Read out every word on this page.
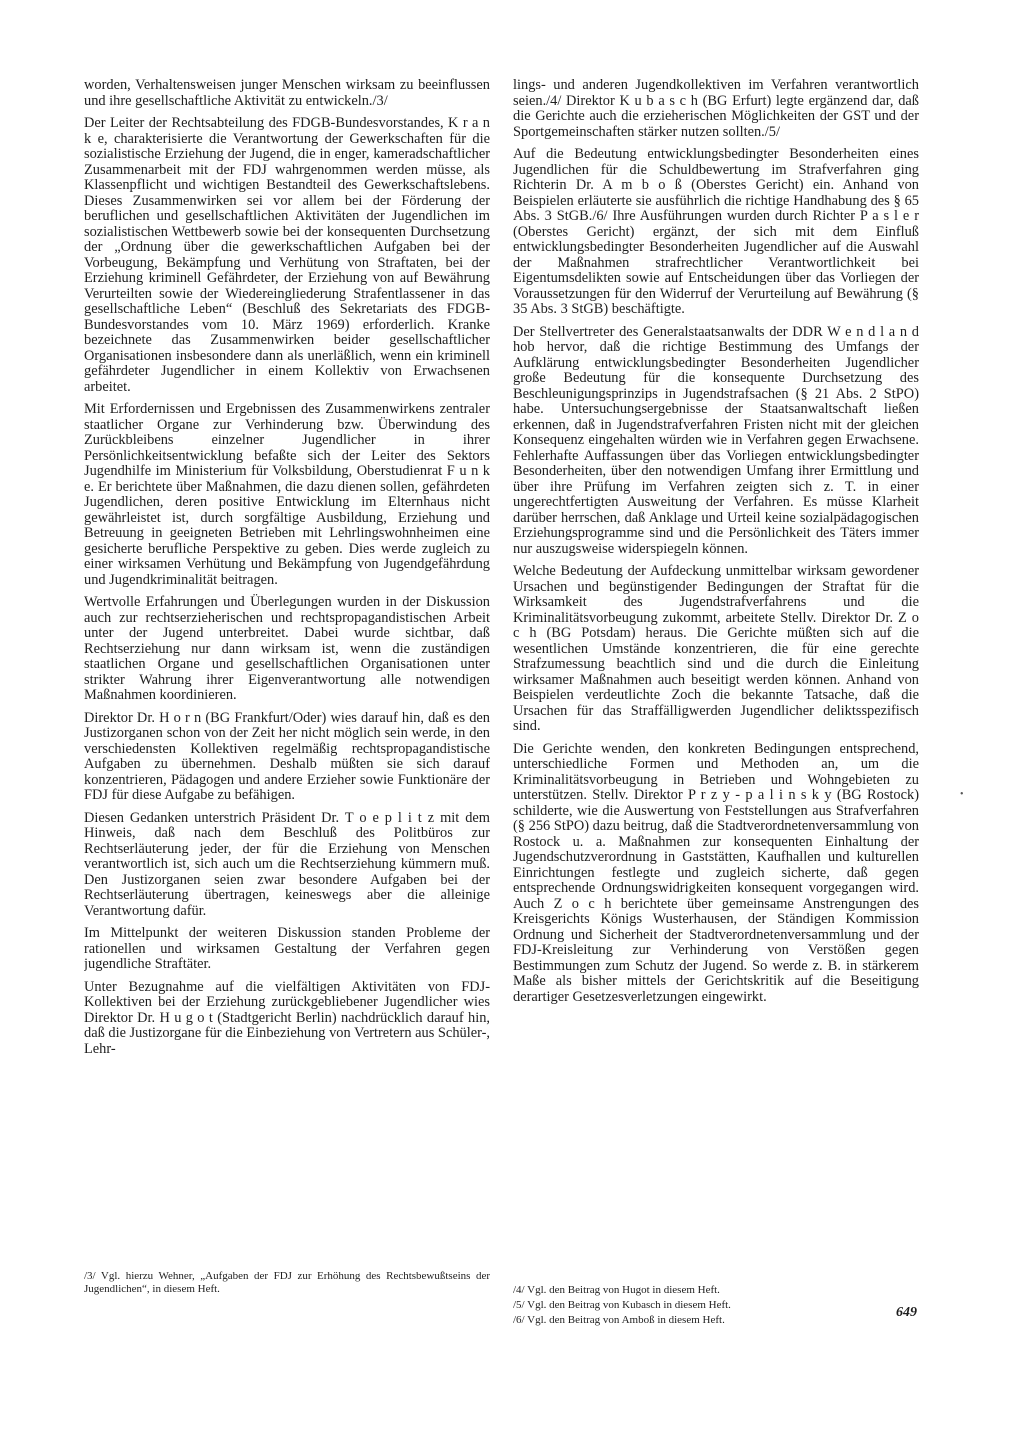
worden, Verhaltensweisen junger Menschen wirksam zu beeinflussen und ihre gesellschaftliche Aktivität zu entwickeln./3/

Der Leiter der Rechtsabteilung des FDGB-Bundesvorstandes, K r a n k e, charakterisierte die Verantwortung der Gewerkschaften für die sozialistische Erziehung der Jugend, die in enger, kameradschaftlicher Zusammenarbeit mit der FDJ wahrgenommen werden müsse, als Klassenpflicht und wichtigen Bestandteil des Gewerkschaftslebens. Dieses Zusammenwirken sei vor allem bei der Förderung der beruflichen und gesellschaftlichen Aktivitäten der Jugendlichen im sozialistischen Wettbewerb sowie bei der konsequenten Durchsetzung der „Ordnung über die gewerkschaftlichen Aufgaben bei der Vorbeugung, Bekämpfung und Verhütung von Straftaten, bei der Erziehung kriminell Gefährdeter, der Erziehung von auf Bewährung Verurteilten sowie der Wiedereingliederung Strafentlassener in das gesellschaftliche Leben“ (Beschluß des Sekretariats des FDGB-Bundesvorstandes vom 10. März 1969) erforderlich. Kranke bezeichnete das Zusammenwirken beider gesellschaftlicher Organisationen insbesondere dann als unerläßlich, wenn ein kriminell gefährdeter Jugendlicher in einem Kollektiv von Erwachsenen arbeitet.

Mit Erfordernissen und Ergebnissen des Zusammenwirkens zentraler staatlicher Organe zur Verhinderung bzw. Überwindung des Zurückbleibens einzelner Jugendlicher in ihrer Persönlichkeitsentwicklung befaßte sich der Leiter des Sektors Jugendhilfe im Ministerium für Volksbildung, Oberstudienrat F u n k e. Er berichtete über Maßnahmen, die dazu dienen sollen, gefährdeten Jugendlichen, deren positive Entwicklung im Elternhaus nicht gewährleistet ist, durch sorgfältige Ausbildung, Erziehung und Betreuung in geeigneten Betrieben mit Lehrlingswohnheimen eine gesicherte berufliche Perspektive zu geben. Dies werde zugleich zu einer wirksamen Verhütung und Bekämpfung von Jugendgefährdung und Jugendkriminalität beitragen.

Wertvolle Erfahrungen und Überlegungen wurden in der Diskussion auch zur rechtserzieherischen und rechtspropagandistischen Arbeit unter der Jugend unterbreitet. Dabei wurde sichtbar, daß Rechtserziehung nur dann wirksam ist, wenn die zuständigen staatlichen Organe und gesellschaftlichen Organisationen unter strikter Wahrung ihrer Eigenverantwortung alle notwendigen Maßnahmen koordinieren.

Direktor Dr. H o r n (BG Frankfurt/Oder) wies darauf hin, daß es den Justizorganen schon von der Zeit her nicht möglich sein werde, in den verschiedensten Kollektiven regelmäßig rechtspropagandistische Aufgaben zu übernehmen. Deshalb müßten sie sich darauf konzentrieren, Pädagogen und andere Erzieher sowie Funktionäre der FDJ für diese Aufgabe zu befähigen.

Diesen Gedanken unterstrich Präsident Dr. T o e p l i t z mit dem Hinweis, daß nach dem Beschluß des Politbüros zur Rechtserläuterung jeder, der für die Erziehung von Menschen verantwortlich ist, sich auch um die Rechtserziehung kümmern muß. Den Justizorganen seien zwar besondere Aufgaben bei der Rechtserläuterung übertragen, keineswegs aber die alleinige Verantwortung dafür.

Im Mittelpunkt der weiteren Diskussion standen Probleme der rationellen und wirksamen Gestaltung der Verfahren gegen jugendliche Straftäter.

Unter Bezugnahme auf die vielfältigen Aktivitäten von FDJ-Kollektiven bei der Erziehung zurückgebliebener Jugendlicher wies Direktor Dr. H u g o t (Stadtgericht Berlin) nachdrücklich darauf hin, daß die Justizorgane für die Einbeziehung von Vertretern aus Schüler-, Lehr-

/3/ Vgl. hierzu Wehner, „Aufgaben der FDJ zur Erhöhung des Rechtsbewußtseins der Jugendlichen“, in diesem Heft.

lings- und anderen Jugendkollektiven im Verfahren verantwortlich seien./4/ Direktor K u b a s c h (BG Erfurt) legte ergänzend dar, daß die Gerichte auch die erzieherischen Möglichkeiten der GST und der Sportgemeinschaften stärker nutzen sollten./5/

Auf die Bedeutung entwicklungsbedingter Besonderheiten eines Jugendlichen für die Schuldbewertung im Strafverfahren ging Richterin Dr. A m b o ß (Oberstes Gericht) ein. Anhand von Beispielen erläuterte sie ausführlich die richtige Handhabung des § 65 Abs. 3 StGB./6/ Ihre Ausführungen wurden durch Richter P a s l e r (Oberstes Gericht) ergänzt, der sich mit dem Einfluß entwicklungsbedingter Besonderheiten Jugendlicher auf die Auswahl der Maßnahmen strafrechtlicher Verantwortlichkeit bei Eigentumsdelikten sowie auf Entscheidungen über das Vorliegen der Voraussetzungen für den Widerruf der Verurteilung auf Bewährung (§ 35 Abs. 3 StGB) beschäftigte.

Der Stellvertreter des Generalstaatsanwalts der DDR W e n d l a n d hob hervor, daß die richtige Bestimmung des Umfangs der Aufklärung entwicklungsbedingter Besonderheiten Jugendlicher große Bedeutung für die konsequente Durchsetzung des Beschleunigungsprinzips in Jugendstrafsachen (§ 21 Abs. 2 StPO) habe. Untersuchungsergebnisse der Staatsanwaltschaft ließen erkennen, daß in Jugendstrafverfahren Fristen nicht mit der gleichen Konsequenz eingehalten würden wie in Verfahren gegen Erwachsene. Fehlerhafte Auffassungen über das Vorliegen entwicklungsbedingter Besonderheiten, über den notwendigen Umfang ihrer Ermittlung und über ihre Prüfung im Verfahren zeigten sich z. T. in einer ungerechtfertigten Ausweitung der Verfahren. Es müsse Klarheit darüber herrschen, daß Anklage und Urteil keine sozialpädagogischen Erziehungsprogramme sind und die Persönlichkeit des Täters immer nur auszugsweise widerspiegeln können.

Welche Bedeutung der Aufdeckung unmittelbar wirksam gewordener Ursachen und begünstigender Bedingungen der Straftat für die Wirksamkeit des Jugendstrafverfahrens und die Kriminalitätsvorbeugung zukommt, arbeitete Stellv. Direktor Dr. Z o c h (BG Potsdam) heraus. Die Gerichte müßten sich auf die wesentlichen Umstände konzentrieren, die für eine gerechte Strafzumessung beachtlich sind und die durch die Einleitung wirksamer Maßnahmen auch beseitigt werden können. Anhand von Beispielen verdeutlichte Zoch die bekannte Tatsache, daß die Ursachen für das Straffälligwerden Jugendlicher deliktsspezifisch sind.

Die Gerichte wenden, den konkreten Bedingungen entsprechend, unterschiedliche Formen und Methoden an, um die Kriminalitätsvorbeugung in Betrieben und Wohngebieten zu unterstützen. Stellv. Direktor P r z y - p a l i n s k y (BG Rostock) schilderte, wie die Auswertung von Feststellungen aus Strafverfahren (§ 256 StPO) dazu beitrug, daß die Stadtverordnetenversammlung von Rostock u. a. Maßnahmen zur konsequenten Einhaltung der Jugendschutzverordnung in Gaststätten, Kaufhallen und kulturellen Einrichtungen festlegte und zugleich sicherte, daß gegen entsprechende Ordnungswidrigkeiten konsequent vorgegangen wird. Auch Z o c h berichtete über gemeinsame Anstrengungen des Kreisgerichts Königs Wusterhausen, der Ständigen Kommission Ordnung und Sicherheit der Stadtverordnetenversammlung und der FDJ-Kreisleitung zur Verhinderung von Verstößen gegen Bestimmungen zum Schutz der Jugend. So werde z. B. in stärkerem Maße als bisher mittels der Gerichtskritik auf die Beseitigung derartiger Gesetzesverletzungen eingewirkt.

/4/ Vgl. den Beitrag von Hugot in diesem Heft.

/5/ Vgl. den Beitrag von Kubasch in diesem Heft.

/6/ Vgl. den Beitrag von Amboß in diesem Heft.

•
649
